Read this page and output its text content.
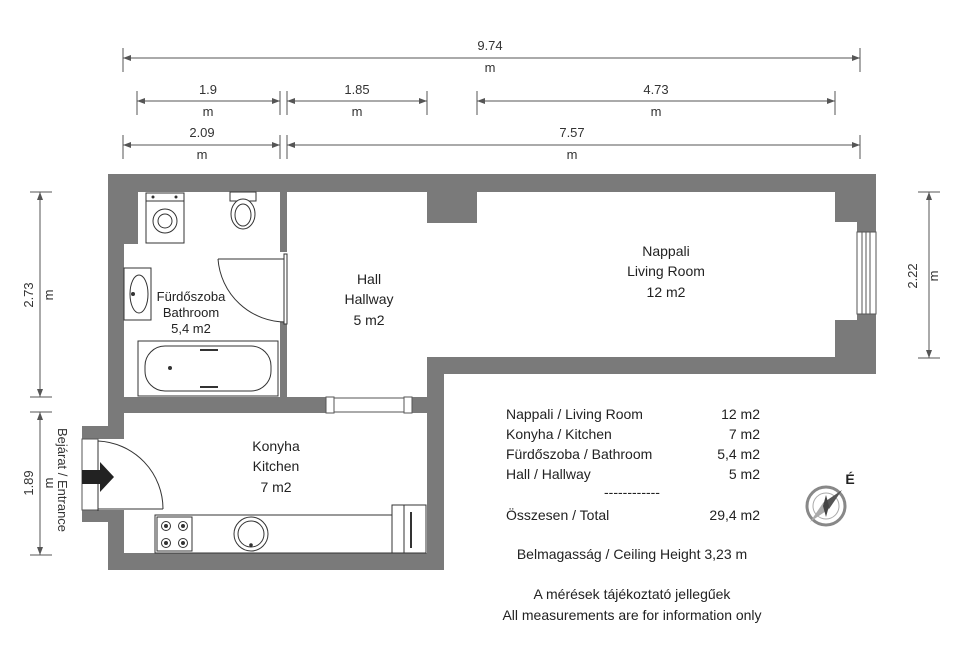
9.74
m
1.9
m
1.85
m
4.73
m
2.09
m
7.57
m
2.73 m
1.89 m
2.22 m
Fürdőszoba
Bathroom
5,4 m2
Hall
Hallway
5 m2
Nappali
Living Room
12 m2
Konyha
Kitchen
7 m2
Bejárat / Entrance
Nappali / Living Room	12 m2
Konyha / Kitchen	7 m2
Fürdőszoba / Bathroom	5,4 m2
Hall / Hallway	5 m2
------------
Összesen / Total	29,4 m2
Belmagasság / Ceiling Height 3,23 m
A mérések tájékoztató jellegűek
All measurements are for information only
É
